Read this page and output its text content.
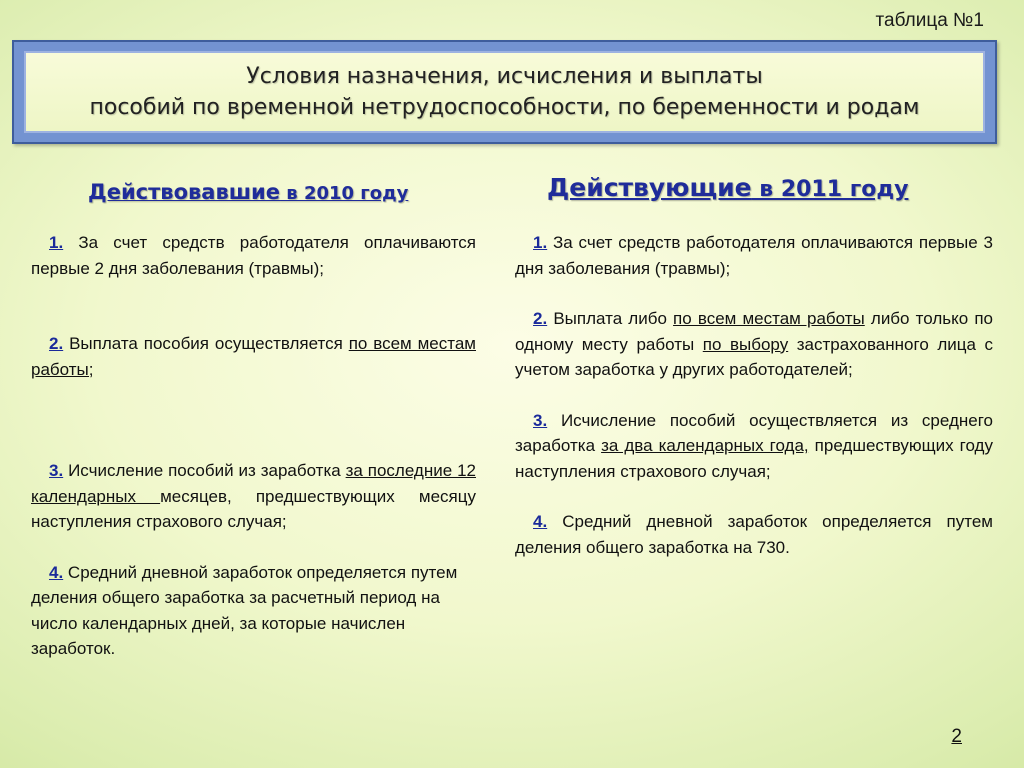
таблица №1
Условия назначения, исчисления и выплаты
пособий по временной нетрудоспособности, по беременности и родам
Действовавшие в 2010 году	Действующие в 2011 году

1. За счет средств работодателя оплачиваются первые 2 дня заболевания (травмы);

2. Выплата пособия осуществляется по всем местам работы;

3. Исчисление пособий из заработка за последние 12 календарных месяцев, предшествующих месяцу наступления страхового случая;

4. Средний дневной заработок определяется путем деления общего заработка за расчетный период на число календарных дней, за которые начислен заработок.

1. За счет средств работодателя оплачиваются первые 3 дня заболевания (травмы);

2. Выплата либо по всем местам работы либо только по одному месту работы по выбору застрахованного лица с учетом заработка у других работодателей;

3. Исчисление пособий осуществляется из среднего заработка за два календарных года, предшествующих году наступления страхового случая;

4. Средний дневной заработок определяется путем деления общего заработка на 730.

2
